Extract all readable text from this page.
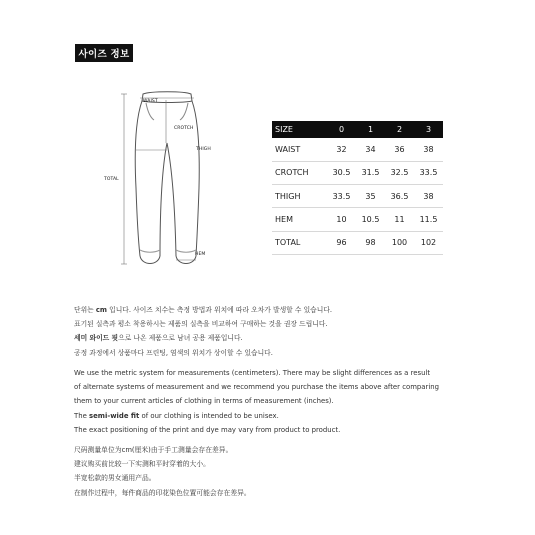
사이즈 정보
WAIST
CROTCH
THIGH
TOTAL
HEM
SIZE	0	1	2	3
WAIST	32	34	36	38
CROTCH	30.5	31.5	32.5	33.5
THIGH	33.5	35	36.5	38
HEM	10	10.5	11	11.5
TOTAL	96	98	100	102

단위는 cm 입니다. 사이즈 치수는 측정 방법과 위치에 따라 오차가 발생할 수 있습니다.

표기된 실측과 평소 착용하시는 제품의 실측을 비교하여 구매하는 것을 권장 드립니다.

세미 와이드 핏으로 나온 제품으로 남녀 공용 제품입니다.

공정 과정에서 상품마다 프린팅, 염색의 위치가 상이할 수 있습니다.

We use the metric system for measurements (centimeters). There may be slight differences as a result

of alternate systems of measurement and we recommend you purchase the items above after comparing

them to your current articles of clothing in terms of measurement (inches).

The semi-wide fit of our clothing is intended to be unisex.

The exact positioning of the print and dye may vary from product to product.

尺码测量单位为cm(厘米)由于手工测量会存在差异。

建议购买前比较一下实测和平时穿着的大小。

半宽松款的男女通用产品。

在制作过程中，每件商品的印花染色位置可能会存在差异。
